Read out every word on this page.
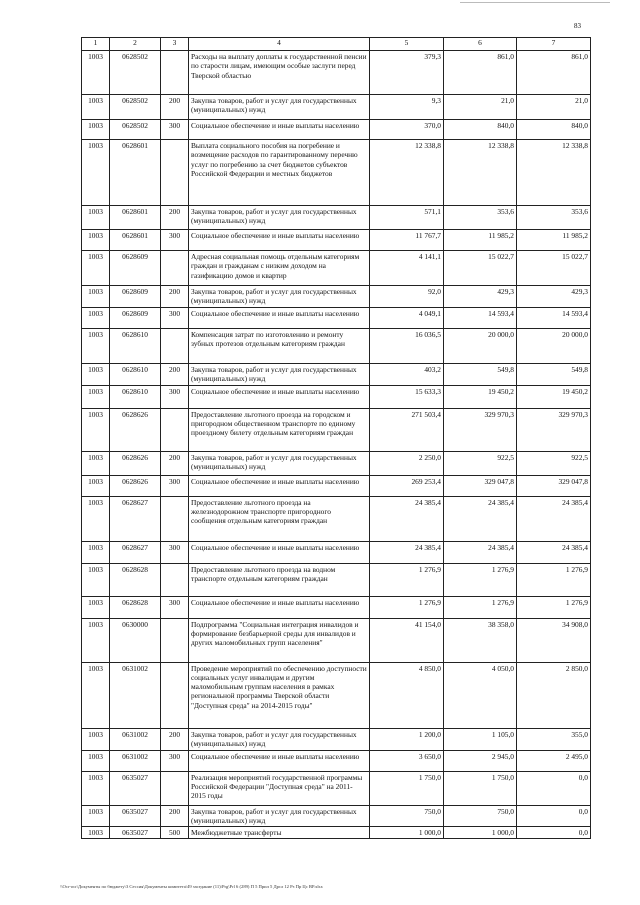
83
1	2	3	4	5	6	7
1003	0628502		Расходы на выплату доплаты к государственной пенсии по старости лицам, имеющим особые заслуги перед Тверской областью	379,3	861,0	861,0
1003	0628502	200	Закупка товаров, работ и услуг для государственных (муниципальных) нужд	9,3	21,0	21,0
1003	0628502	300	Социальное обеспечение и иные выплаты населению	370,0	840,0	840,0
1003	0628601		Выплата социального пособия на погребение и возмещение расходов по гарантированному перечню услуг по погребению за счет бюджетов субъектов Российской Федерации и местных бюджетов	12 338,8	12 338,8	12 338,8
1003	0628601	200	Закупка товаров, работ и услуг для государственных (муниципальных) нужд	571,1	353,6	353,6
1003	0628601	300	Социальное обеспечение и иные выплаты населению	11 767,7	11 985,2	11 985,2
1003	0628609		Адресная социальная помощь отдельным категориям граждан и гражданам с низким доходом на газификацию домов и квартир	4 141,1	15 022,7	15 022,7
1003	0628609	200	Закупка товаров, работ и услуг для государственных (муниципальных) нужд	92,0	429,3	429,3
1003	0628609	300	Социальное обеспечение и иные выплаты населению	4 049,1	14 593,4	14 593,4
1003	0628610		Компенсация затрат по изготовлению и ремонту зубных протезов отдельным категориям граждан	16 036,5	20 000,0	20 000,0
1003	0628610	200	Закупка товаров, работ и услуг для государственных (муниципальных) нужд	403,2	549,8	549,8
1003	0628610	300	Социальное обеспечение и иные выплаты населению	15 633,3	19 450,2	19 450,2
1003	0628626		Предоставление льготного проезда на городском и пригородном общественном транспорте по единому проездному билету отдельным категориям граждан	271 503,4	329 970,3	329 970,3
1003	0628626	200	Закупка товаров, работ и услуг для государственных (муниципальных) нужд	2 250,0	922,5	922,5
1003	0628626	300	Социальное обеспечение и иные выплаты населению	269 253,4	329 047,8	329 047,8
1003	0628627		Предоставление льготного проезда на железнодорожном транспорте пригородного сообщения отдельным категориям граждан	24 385,4	24 385,4	24 385,4
1003	0628627	300	Социальное обеспечение и иные выплаты населению	24 385,4	24 385,4	24 385,4
1003	0628628		Предоставление льготного проезда на водном транспорте отдельным категориям граждан	1 276,9	1 276,9	1 276,9
1003	0628628	300	Социальное обеспечение и иные выплаты населению	1 276,9	1 276,9	1 276,9
1003	0630000		Подпрограмма "Социальная интеграция инвалидов и формирование безбарьерной среды для инвалидов и других маломобильных групп населения"	41 154,0	38 358,0	34 908,0
1003	0631002		Проведение мероприятий по обеспечению доступности социальных услуг инвалидам и другим маломобильным группам населения в рамках региональной программы Тверской области "Доступная среда" на 2014-2015 годы"	4 850,0	4 050,0	2 850,0
1003	0631002	200	Закупка товаров, работ и услуг для государственных (муниципальных) нужд	1 200,0	1 105,0	355,0
1003	0631002	300	Социальное обеспечение и иные выплаты населению	3 650,0	2 945,0	2 495,0
1003	0635027		Реализация мероприятий государственной программы Российской Федерации "Доступная среда" на 2011-2015 годы	1 750,0	1 750,0	0,0
1003	0635027	200	Закупка товаров, работ и услуг для государственных (муниципальных) нужд	750,0	750,0	0,0
1003	0635027	500	Межбюджетные трансферты	1 000,0	1 000,0	0,0
\\Ocr-ocr\Документы по бюджету\3 Сессия\Документы комитета\49 заседание (11)\Prg\Prl 6 (289) П 5 Прил 5 Дрсл 12 Рз Пр Цс ВР.xlsx
